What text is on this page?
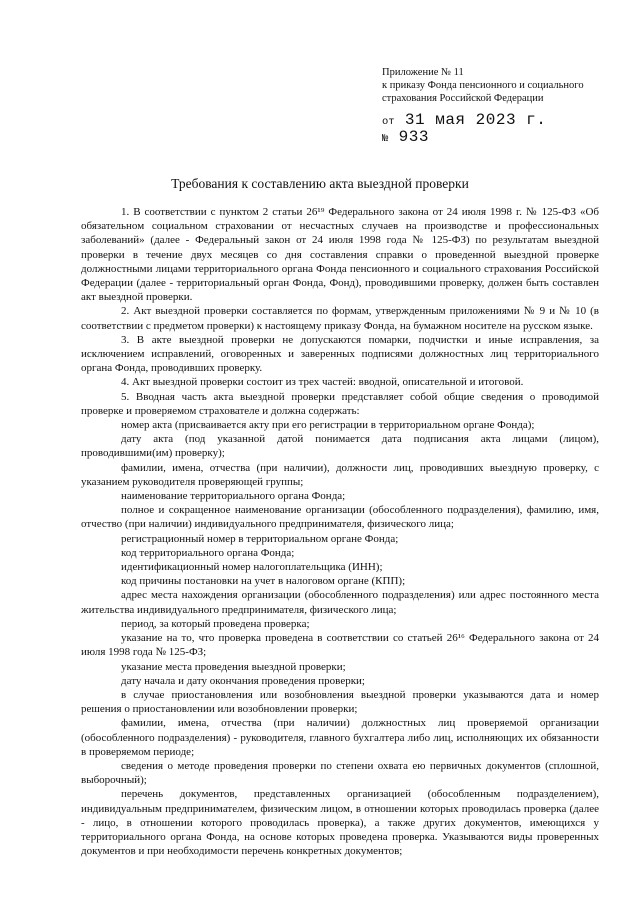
Приложение № 11
к приказу Фонда пенсионного и социального
страхования Российской Федерации
от 31 мая 2023 г.
№ 933
Требования к составлению акта выездной проверки

1. В соответствии с пунктом 2 статьи 26¹⁹ Федерального закона от 24 июля 1998 г. № 125-ФЗ «Об обязательном социальном страховании от несчастных случаев на производстве и профессиональных заболеваний» (далее - Федеральный закон от 24 июля 1998 года № 125-ФЗ) по результатам выездной проверки в течение двух месяцев со дня составления справки о проведенной выездной проверке должностными лицами территориального органа Фонда пенсионного и социального страхования Российской Федерации (далее - территориальный орган Фонда, Фонд), проводившими проверку, должен быть составлен акт выездной проверки.

2. Акт выездной проверки составляется по формам, утвержденным приложениями № 9 и № 10 (в соответствии с предметом проверки) к настоящему приказу Фонда, на бумажном носителе на русском языке.

3. В акте выездной проверки не допускаются помарки, подчистки и иные исправления, за исключением исправлений, оговоренных и заверенных подписями должностных лиц территориального органа Фонда, проводивших проверку.

4. Акт выездной проверки состоит из трех частей: вводной, описательной и итоговой.

5. Вводная часть акта выездной проверки представляет собой общие сведения о проводимой проверке и проверяемом страхователе и должна содержать:

номер акта (присваивается акту при его регистрации в территориальном органе Фонда);

дату акта (под указанной датой понимается дата подписания акта лицами (лицом), проводившими(им) проверку);

фамилии, имена, отчества (при наличии), должности лиц, проводивших выездную проверку, с указанием руководителя проверяющей группы;

наименование территориального органа Фонда;

полное и сокращенное наименование организации (обособленного подразделения), фамилию, имя, отчество (при наличии) индивидуального предпринимателя, физического лица;

регистрационный номер в территориальном органе Фонда;

код территориального органа Фонда;

идентификационный номер налогоплательщика (ИНН);

код причины постановки на учет в налоговом органе (КПП);

адрес места нахождения организации (обособленного подразделения) или адрес постоянного места жительства индивидуального предпринимателя, физического лица;

период, за который проведена проверка;

указание на то, что проверка проведена в соответствии со статьей 26¹⁶ Федерального закона от 24 июля 1998 года № 125-ФЗ;

указание места проведения выездной проверки;

дату начала и дату окончания проведения проверки;

в случае приостановления или возобновления выездной проверки указываются дата и номер решения о приостановлении или возобновлении проверки;

фамилии, имена, отчества (при наличии) должностных лиц проверяемой организации (обособленного подразделения) - руководителя, главного бухгалтера либо лиц, исполняющих их обязанности в проверяемом периоде;

сведения о методе проведения проверки по степени охвата ею первичных документов (сплошной, выборочный);

перечень документов, представленных организацией (обособленным подразделением), индивидуальным предпринимателем, физическим лицом, в отношении которых проводилась проверка (далее - лицо, в отношении которого проводилась проверка), а также других документов, имеющихся у территориального органа Фонда, на основе которых проведена проверка. Указываются виды проверенных документов и при необходимости перечень конкретных документов;
